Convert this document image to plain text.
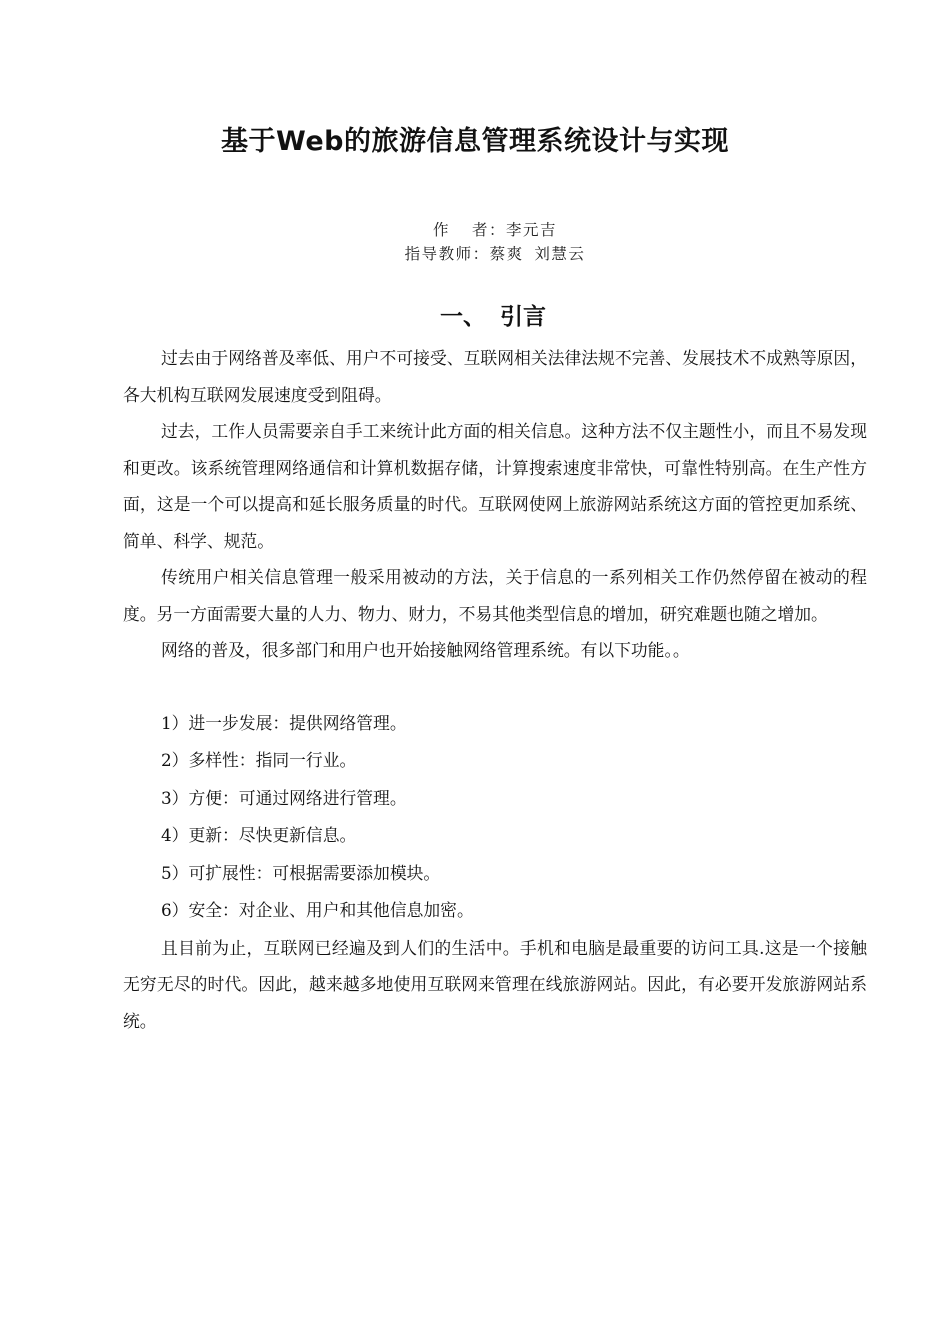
基于Web的旅游信息管理系统设计与实现
作 者：李元吉
指导教师：蔡爽 刘慧云
一、 引言

过去由于网络普及率低、用户不可接受、互联网相关法律法规不完善、发展技术不成熟等原因，各大机构互联网发展速度受到阻碍。

过去，工作人员需要亲自手工来统计此方面的相关信息。这种方法不仅主题性小，而且不易发现和更改。该系统管理网络通信和计算机数据存储，计算搜索速度非常快，可靠性特别高。在生产性方面，这是一个可以提高和延长服务质量的时代。互联网使网上旅游网站系统这方面的管控更加系统、简单、科学、规范。

传统用户相关信息管理一般采用被动的方法，关于信息的一系列相关工作仍然停留在被动的程度。另一方面需要大量的人力、物力、财力，不易其他类型信息的增加，研究难题也随之增加。

网络的普及，很多部门和用户也开始接触网络管理系统。有以下功能。。

1）进一步发展：提供网络管理。
2）多样性：指同一行业。
3）方便：可通过网络进行管理。
4）更新：尽快更新信息。
5）可扩展性：可根据需要添加模块。
6）安全：对企业、用户和其他信息加密。

且目前为止，互联网已经遍及到人们的生活中。手机和电脑是最重要的访问工具.这是一个接触无穷无尽的时代。因此，越来越多地使用互联网来管理在线旅游网站。因此，有必要开发旅游网站系统。
